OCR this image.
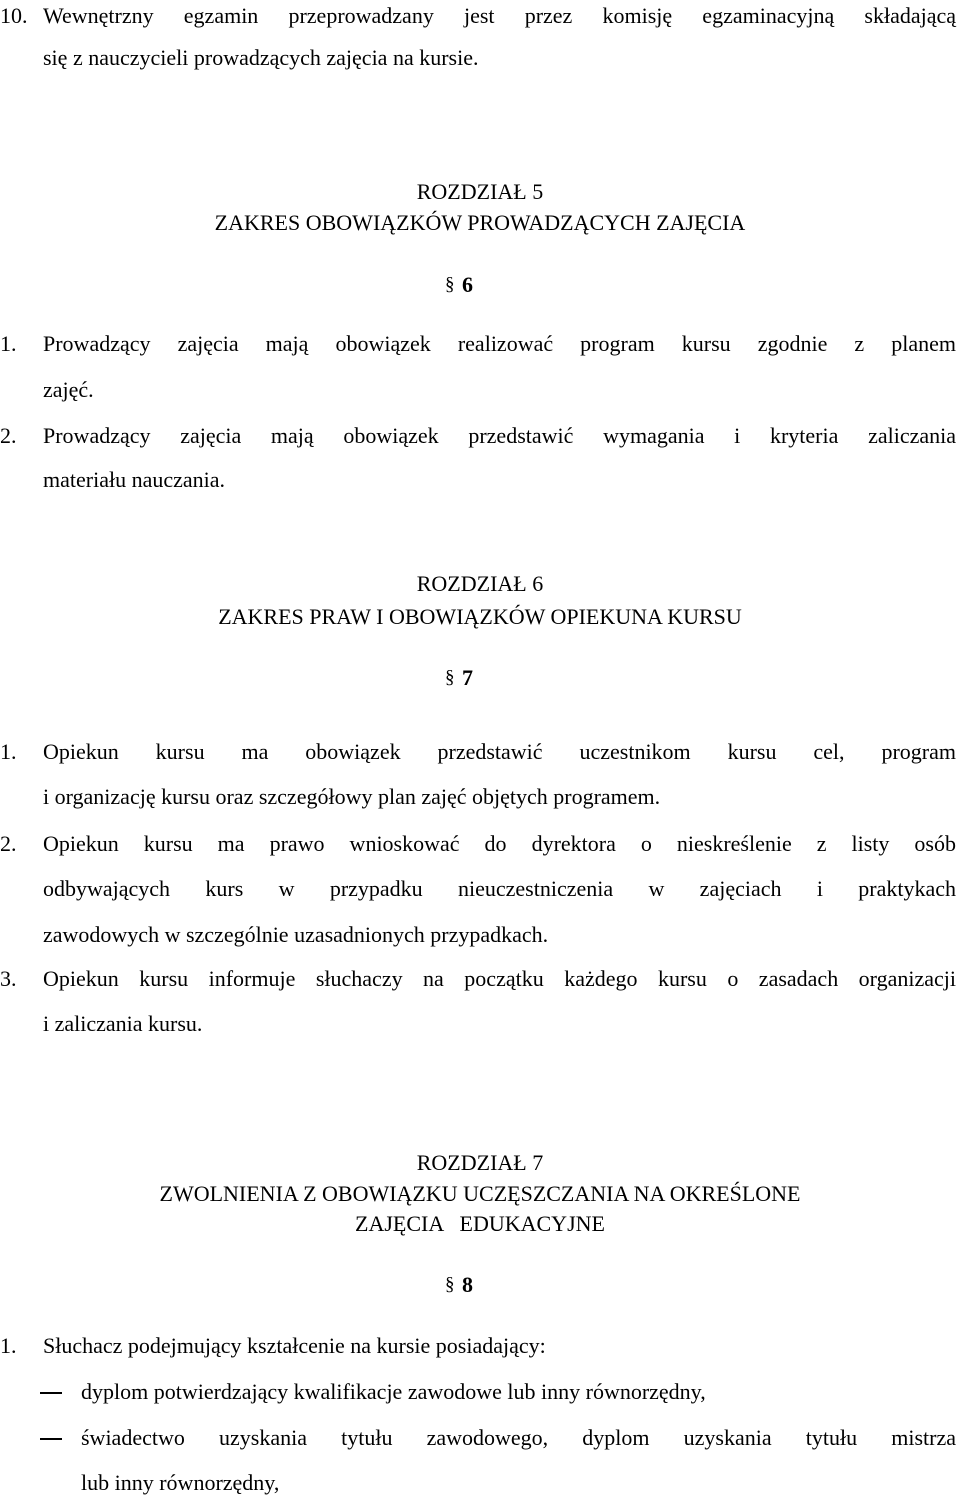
10. Wewnętrzny egzamin przeprowadzany jest przez komisję egzaminacyjną składającą
się z nauczycieli prowadzących zajęcia na kursie.
ROZDZIAŁ 5
ZAKRES OBOWIĄZKÓW PROWADZĄCYCH ZAJĘCIA
§ 6
1. Prowadzący zajęcia mają obowiązek realizować program kursu zgodnie z planem
zajęć.
2. Prowadzący zajęcia mają obowiązek przedstawić wymagania i kryteria zaliczania
materiału nauczania.
ROZDZIAŁ 6
ZAKRES PRAW I OBOWIĄZKÓW OPIEKUNA KURSU
§ 7
1. Opiekun kursu ma obowiązek przedstawić uczestnikom kursu cel, program
i organizację kursu oraz szczegółowy plan zajęć objętych programem.
2. Opiekun kursu ma prawo wnioskować do dyrektora o nieskreślenie z listy osób
odbywających kurs w przypadku nieuczestniczenia w zajęciach i praktykach
zawodowych w szczególnie uzasadnionych przypadkach.
3. Opiekun kursu informuje słuchaczy na początku każdego kursu o zasadach organizacji
i zaliczania kursu.
ROZDZIAŁ 7
ZWOLNIENIA Z OBOWIĄZKU UCZĘSZCZANIA NA OKREŚLONE
ZAJĘCIA   EDUKACYJNE
§ 8
1. Słuchacz podejmujący kształcenie na kursie posiadający:
dyplom potwierdzający kwalifikacje zawodowe lub inny równorzędny,
świadectwo uzyskania tytułu zawodowego, dyplom uzyskania tytułu mistrza
lub inny równorzędny,
